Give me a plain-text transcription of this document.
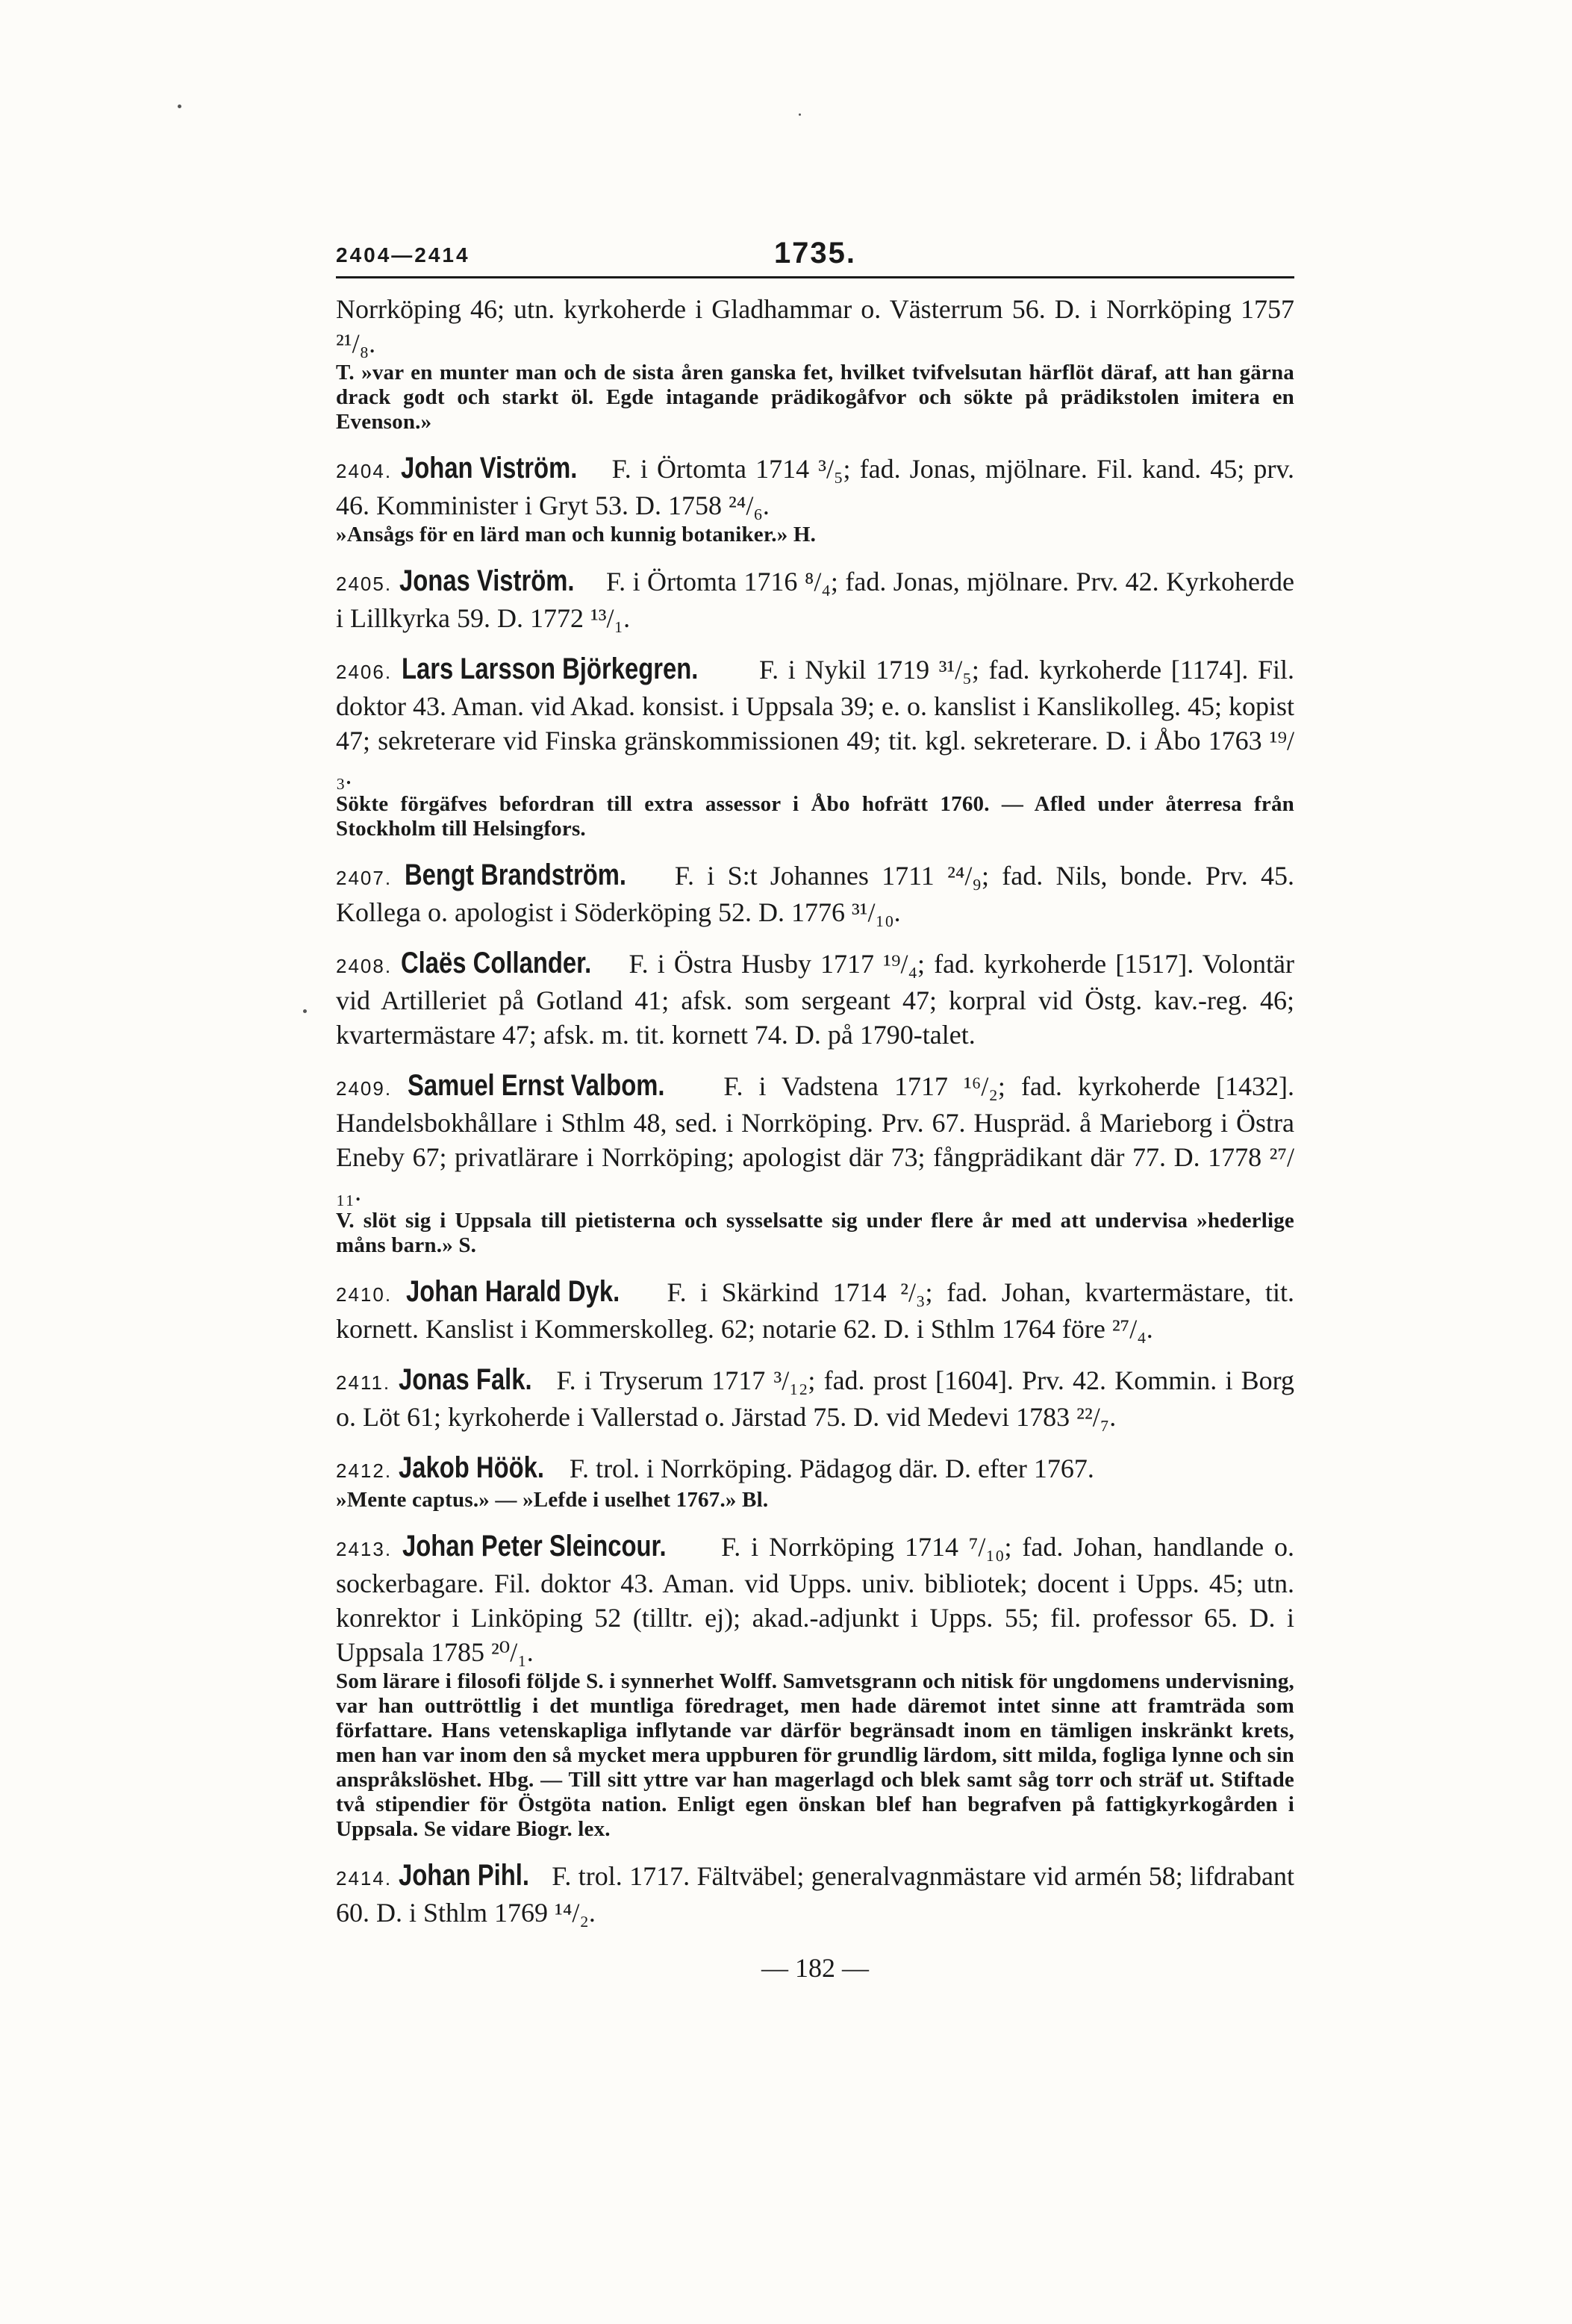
2404—2414	1735.

Norrköping 46; utn. kyrkoherde i Gladhammar o. Västerrum 56. D. i Norrköping 1757 ²¹/₈.

T. »var en munter man och de sista åren ganska fet, hvilket tvifvelsutan härflöt däraf, att han gärna drack godt och starkt öl. Egde intagande prädikogåfvor och sökte på prädikstolen imitera en Evenson.»

2404. Johan Viström. F. i Örtomta 1714 ³/₅; fad. Jonas, mjölnare. Fil. kand. 45; prv. 46. Komminister i Gryt 53. D. 1758 ²⁴/₆.

»Ansågs för en lärd man och kunnig botaniker.» H.

2405. Jonas Viström. F. i Örtomta 1716 ⁸/₄; fad. Jonas, mjölnare. Prv. 42. Kyrkoherde i Lillkyrka 59. D. 1772 ¹³/₁.

2406. Lars Larsson Björkegren. F. i Nykil 1719 ³¹/₅; fad. kyrkoherde [1174]. Fil. doktor 43. Aman. vid Akad. konsist. i Uppsala 39; e. o. kanslist i Kanslikolleg. 45; kopist 47; sekreterare vid Finska gränskommissionen 49; tit. kgl. sekreterare. D. i Åbo 1763 ¹⁹/₃.

Sökte förgäfves befordran till extra assessor i Åbo hofrätt 1760. — Afled under återresa från Stockholm till Helsingfors.

2407. Bengt Brandström. F. i S:t Johannes 1711 ²⁴/₉; fad. Nils, bonde. Prv. 45. Kollega o. apologist i Söderköping 52. D. 1776 ³¹/₁₀.

2408. Claës Collander. F. i Östra Husby 1717 ¹⁹/₄; fad. kyrkoherde [1517]. Volontär vid Artilleriet på Gotland 41; afsk. som sergeant 47; korpral vid Östg. kav.-reg. 46; kvartermästare 47; afsk. m. tit. kornett 74. D. på 1790-talet.

2409. Samuel Ernst Valbom. F. i Vadstena 1717 ¹⁶/₂; fad. kyrkoherde [1432]. Handelsbokhållare i Sthlm 48, sed. i Norrköping. Prv. 67. Huspräd. å Marieborg i Östra Eneby 67; privatlärare i Norrköping; apologist där 73; fångprädikant där 77. D. 1778 ²⁷/₁₁.

V. slöt sig i Uppsala till pietisterna och sysselsatte sig under flere år med att undervisa »hederlige måns barn.» S.

2410. Johan Harald Dyk. F. i Skärkind 1714 ²/₃; fad. Johan, kvartermästare, tit. kornett. Kanslist i Kommerskolleg. 62; notarie 62. D. i Sthlm 1764 före ²⁷/₄.

2411. Jonas Falk. F. i Tryserum 1717 ³/₁₂; fad. prost [1604]. Prv. 42. Kommin. i Borg o. Löt 61; kyrkoherde i Vallerstad o. Järstad 75. D. vid Medevi 1783 ²²/₇.

2412. Jakob Höök. F. trol. i Norrköping. Pädagog där. D. efter 1767.

»Mente captus.» — »Lefde i uselhet 1767.» Bl.

2413. Johan Peter Sleincour. F. i Norrköping 1714 ⁷/₁₀; fad. Johan, handlande o. sockerbagare. Fil. doktor 43. Aman. vid Upps. univ. bibliotek; docent i Upps. 45; utn. konrektor i Linköping 52 (tilltr. ej); akad.-adjunkt i Upps. 55; fil. professor 65. D. i Uppsala 1785 ²⁰/₁.

Som lärare i filosofi följde S. i synnerhet Wolff. Samvetsgrann och nitisk för ungdomens undervisning, var han outtröttlig i det muntliga föredraget, men hade däremot intet sinne att framträda som författare. Hans vetenskapliga inflytande var därför begränsadt inom en tämligen inskränkt krets, men han var inom den så mycket mera uppburen för grundlig lärdom, sitt milda, fogliga lynne och sin anspråkslöshet. Hbg. — Till sitt yttre var han magerlagd och blek samt såg torr och sträf ut. Stiftade två stipendier för Östgöta nation. Enligt egen önskan blef han begrafven på fattigkyrkogården i Uppsala. Se vidare Biogr. lex.

2414. Johan Pihl. F. trol. 1717. Fältväbel; generalvagnmästare vid armén 58; lifdrabant 60. D. i Sthlm 1769 ¹⁴/₂.

— 182 —
